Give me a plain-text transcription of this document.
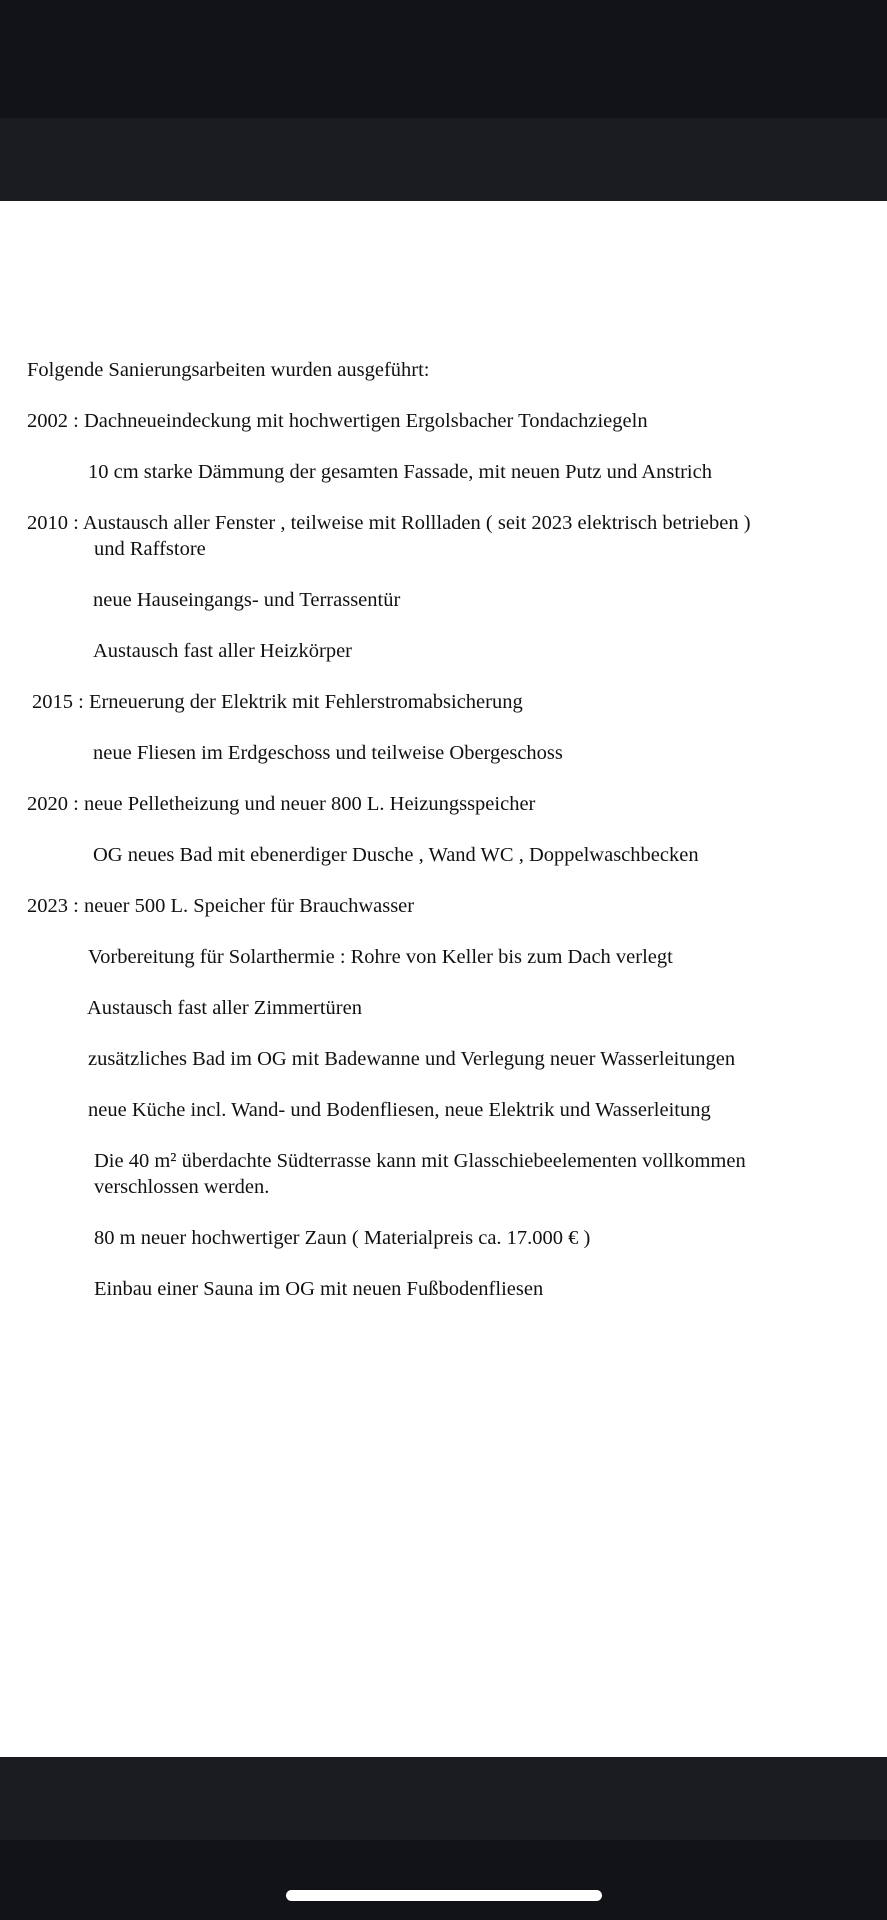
Folgende Sanierungsarbeiten wurden ausgeführt:

2002 : Dachneueindeckung mit hochwertigen Ergolsbacher Tondachziegeln

10 cm starke Dämmung der gesamten Fassade, mit neuen Putz und Anstrich

2010 : Austausch aller Fenster , teilweise mit Rollladen ( seit 2023 elektrisch betrieben )

und Raffstore

neue Hauseingangs- und Terrassentür

Austausch fast aller Heizkörper

2015 : Erneuerung der Elektrik mit Fehlerstromabsicherung

neue Fliesen im Erdgeschoss und teilweise Obergeschoss

2020 : neue Pelletheizung und neuer 800 L. Heizungsspeicher

OG neues Bad mit ebenerdiger Dusche , Wand WC , Doppelwaschbecken

2023 : neuer 500 L. Speicher für Brauchwasser

Vorbereitung für Solarthermie : Rohre von Keller bis zum Dach verlegt

Austausch fast aller Zimmertüren

zusätzliches Bad im OG mit Badewanne und Verlegung neuer Wasserleitungen

neue Küche incl. Wand- und Bodenfliesen, neue Elektrik und Wasserleitung

Die 40 m² überdachte Südterrasse kann mit Glasschiebeelementen vollkommen

verschlossen werden.

80 m neuer hochwertiger Zaun ( Materialpreis ca. 17.000 € )

Einbau einer Sauna im OG mit neuen Fußbodenfliesen
